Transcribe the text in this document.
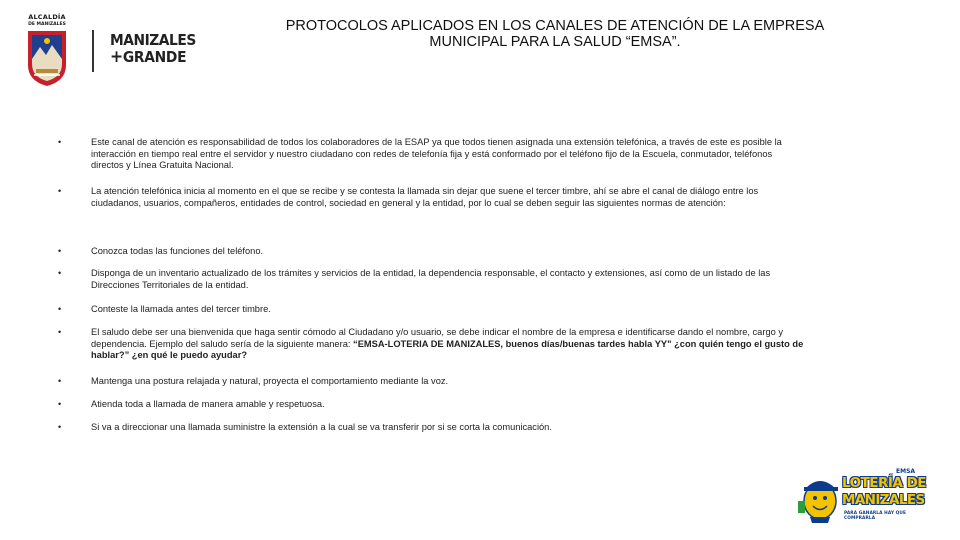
ALCALDÍA
DE MANIZALES
MANIZALES
+GRANDE
PROTOCOLOS APLICADOS EN LOS CANALES DE ATENCIÓN DE LA EMPRESA
MUNICIPAL PARA LA SALUD “EMSA”.
•	Este canal de atención es responsabilidad de todos los colaboradores de la ESAP ya que todos tienen asignada una extensión telefónica, a través de este es posible la
interacción en tiempo real entre el servidor y nuestro ciudadano con redes de telefonía fija y está conformado por el teléfono fijo de la Escuela, conmutador, teléfonos
directos y Línea Gratuita Nacional.
•	La atención telefónica inicia al momento en el que se recibe y se contesta la llamada sin dejar que suene el tercer timbre, ahí se abre el canal de diálogo entre los
ciudadanos, usuarios, compañeros, entidades de control, sociedad en general y la entidad, por lo cual se deben seguir las siguientes normas de atención:
•	Conozca todas las funciones del teléfono.
•	Disponga de un inventario actualizado de los trámites y servicios de la entidad, la dependencia responsable, el contacto y extensiones, así como de un listado de las
Direcciones Territoriales de la entidad.
•	Conteste la llamada antes del tercer timbre.
•	El saludo debe ser una bienvenida que haga sentir cómodo al Ciudadano y/o usuario, se debe indicar el nombre de la empresa e identificarse dando el nombre, cargo y
dependencia. Ejemplo del saludo sería de la siguiente manera: “EMSA-LOTERIA DE MANIZALES, buenos días/buenas tardes habla YY" ¿con quién tengo el gusto de
hablar?” ¿en qué le puedo ayudar?
•	Mantenga una postura relajada y natural, proyecta el comportamiento mediante la voz.
•	Atienda toda a llamada de manera amable y respetuosa.
•	Si va a direccionar una llamada suministre la extensión a la cual se va transferir por si se corta la comunicación.
EMSA
LOTERÍA DE
MANIZALES
PARA GANARLA HAY QUE COMPRARLA
